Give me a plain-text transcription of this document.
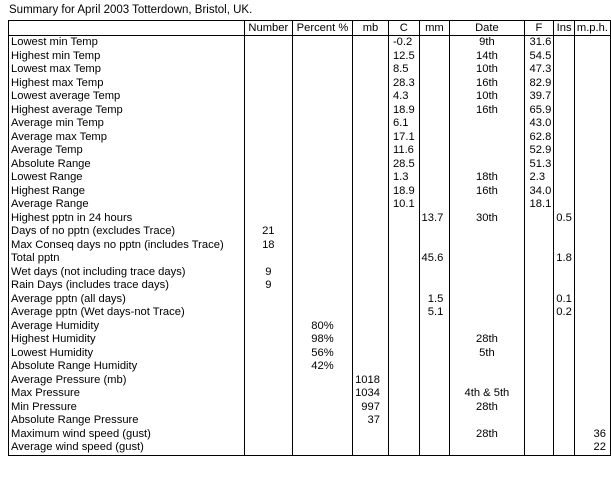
Summary for April 2003 Totterdown, Bristol, UK.
	Number	Percent %	mb	C	mm	Date	F	Ins	m.p.h.
Lowest min Temp				-0.2		9th	31.6		
Highest min Temp				12.5		14th	54.5		
Lowest max Temp				8.5		10th	47.3		
Highest max Temp				28.3		16th	82.9		
Lowest average Temp				4.3		10th	39.7		
Highest average Temp				18.9		16th	65.9		
Average min Temp				6.1			43.0		
Average max Temp				17.1			62.8		
Average Temp				11.6			52.9		
Absolute Range				28.5			51.3		
Lowest Range				1.3		18th	2.3		
Highest Range				18.9		16th	34.0		
Average Range				10.1			18.1		
Highest pptn in 24 hours					13.7	30th		0.5	
Days of no pptn (excludes Trace)	21								
Max Conseq days no pptn (includes Trace)	18								
Total pptn					45.6			1.8	
Wet days (not including trace days)	9								
Rain Days (includes trace days)	9								
Average pptn (all days)					1.5			0.1	
Average pptn (Wet days-not Trace)					5.1			0.2	
Average Humidity		80%							
Highest Humidity		98%				28th			
Lowest Humidity		56%				5th			
Absolute Range Humidity		42%							
Average Pressure (mb)			1018						
Max Pressure			1034			4th & 5th			
Min Pressure			997			28th			
Absolute Range Pressure			37						
Maximum wind speed (gust)						28th			36
Average wind speed (gust)									22
